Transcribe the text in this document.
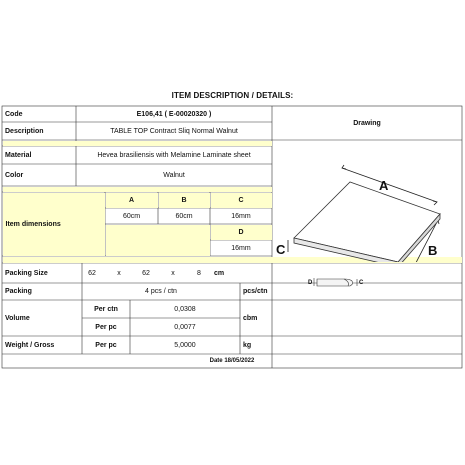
ITEM DESCRIPTION / DETAILS:
Code	E106,41 ( E-00020320 )
Drawing
Description	TABLE TOP Contract Sliq Normal Walnut
Material	Hevea brasiliensis with Melamine Laminate sheet
Color	Walnut
Item dimensions
A	B	C
60cm	60cm	16mm
D
16mm
Packing Size	62	x	62	x	8	cm
Packing	4 pcs / ctn	pcs/ctn
Volume
Per ctn	0,0308
Per pc	0,0077
cbm
Weight / Gross	Per pc	5,0000	kg
Date 18/05/2022
A
B
C
D	C
